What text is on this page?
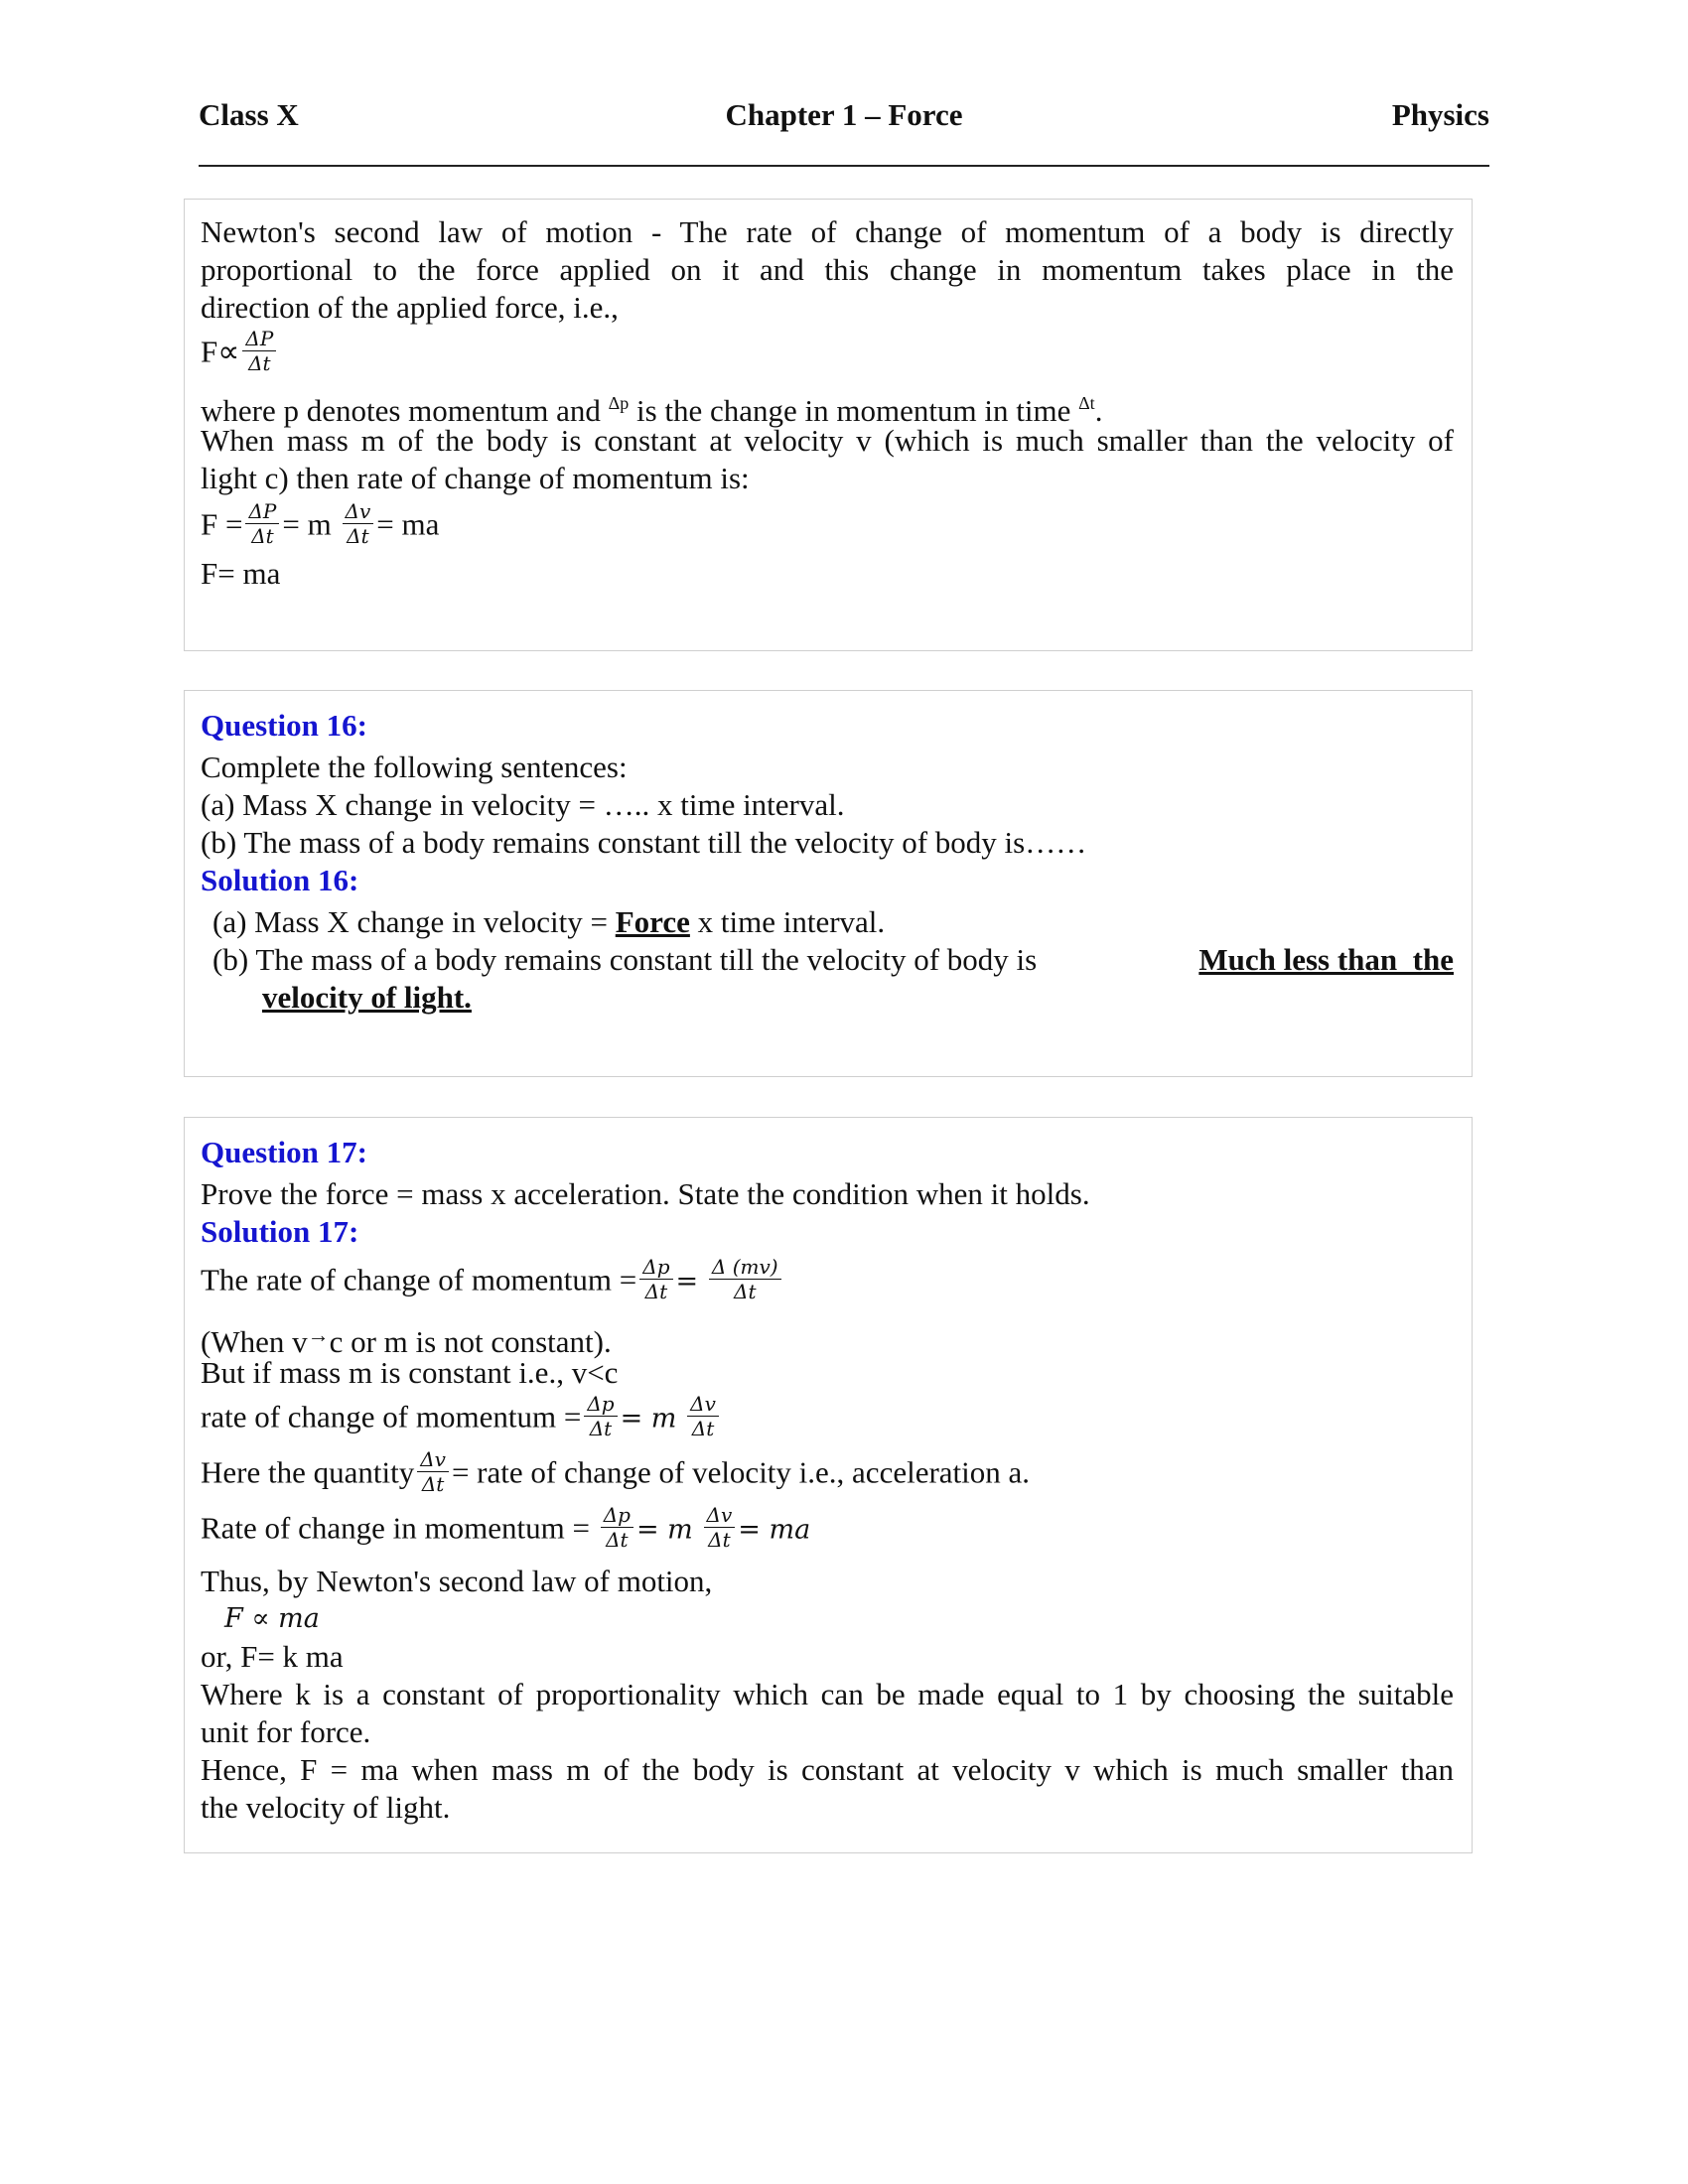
Class X	Chapter 1 – Force	Physics
Newton's second law of motion - The rate of change of momentum of a body is directly
proportional to the force applied on it and this change in momentum takes place in the
direction of the applied force, i.e.,
$F\propto \frac{\Delta P}{\Delta t}$
where p denotes momentum and $^{\Delta p}$ is the change in momentum in time $^{\Delta t}$.
When mass m of the body is constant at velocity v (which is much smaller than the velocity of
light c) then rate of change of momentum is:
$F = \frac{\Delta P}{\Delta t} = m \frac{\Delta v}{\Delta t}$ = ma
F= ma
Question 16:
Complete the following sentences:
(a) Mass X change in velocity = ….. x time interval.
(b) The mass of a body remains constant till the velocity of body is……
Solution 16:
(a) Mass X change in velocity = Force x time interval.
(b) The mass of a body remains constant till the velocity of body is	Much less than  the
velocity of light.
Question 17:
Prove the force = mass x acceleration. State the condition when it holds.
Solution 17:
The rate of change of momentum = $\frac{\Delta p}{\Delta t} = \frac{\Delta (mv)}{\Delta t}$
(When v→c or m is not constant).
But if mass m is constant i.e., v<c
rate of change of momentum = $\frac{\Delta p}{\Delta t} = m \frac{\Delta v}{\Delta t}$
Here the quantity $\frac{\Delta v}{\Delta t}$ = rate of change of velocity i.e., acceleration a.
Rate of change in momentum = $\frac{\Delta p}{\Delta t} = m \frac{\Delta v}{\Delta t}$ = ma
Thus, by Newton's second law of motion,
F ∝ ma
or, F= k ma
Where k is a constant of proportionality which can be made equal to 1 by choosing the suitable
unit for force.
Hence, F = ma when mass m of the body is constant at velocity v which is much smaller than
the velocity of light.
